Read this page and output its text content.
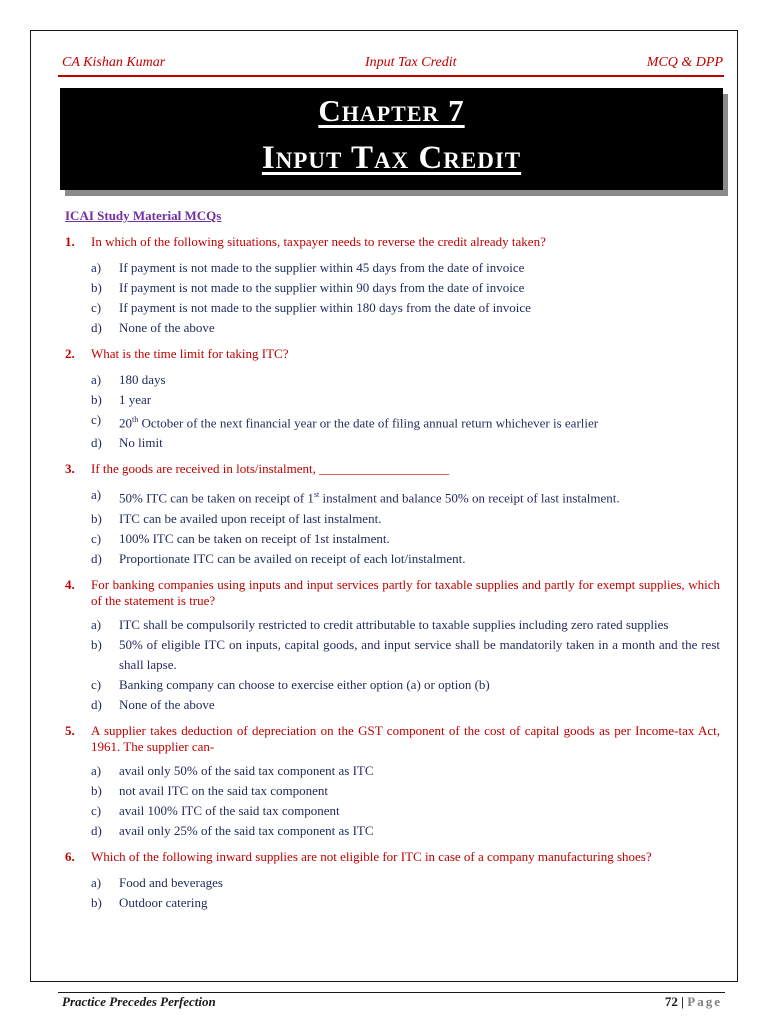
CA Kishan Kumar	Input Tax Credit	MCQ & DPP
Chapter 7
Input Tax Credit
ICAI Study Material MCQs
1.	In which of the following situations, taxpayer needs to reverse the credit already taken?
a)	If payment is not made to the supplier within 45 days from the date of invoice
b)	If payment is not made to the supplier within 90 days from the date of invoice
c)	If payment is not made to the supplier within 180 days from the date of invoice
d)	None of the above
2.	What is the time limit for taking ITC?
a)	180 days
b)	1 year
c)	20th October of the next financial year or the date of filing annual return whichever is earlier
d)	No limit
3.	If the goods are received in lots/instalment, ____________________
a)	50% ITC can be taken on receipt of 1st instalment and balance 50% on receipt of last instalment.
b)	ITC can be availed upon receipt of last instalment.
c)	100% ITC can be taken on receipt of 1st instalment.
d)	Proportionate ITC can be availed on receipt of each lot/instalment.
4.	For banking companies using inputs and input services partly for taxable supplies and partly for exempt supplies, which of the statement is true?
a)	ITC shall be compulsorily restricted to credit attributable to taxable supplies including zero rated supplies
b)	50% of eligible ITC on inputs, capital goods, and input service shall be mandatorily taken in a month and the rest shall lapse.
c)	Banking company can choose to exercise either option (a) or option (b)
d)	None of the above
5.	A supplier takes deduction of depreciation on the GST component of the cost of capital goods as per Income-tax Act, 1961. The supplier can-
a)	avail only 50% of the said tax component as ITC
b)	not avail ITC on the said tax component
c)	avail 100% ITC of the said tax component
d)	avail only 25% of the said tax component as ITC
6.	Which of the following inward supplies are not eligible for ITC in case of a company manufacturing shoes?
a)	Food and beverages
b)	Outdoor catering
Practice Precedes Perfection	72 | Page
